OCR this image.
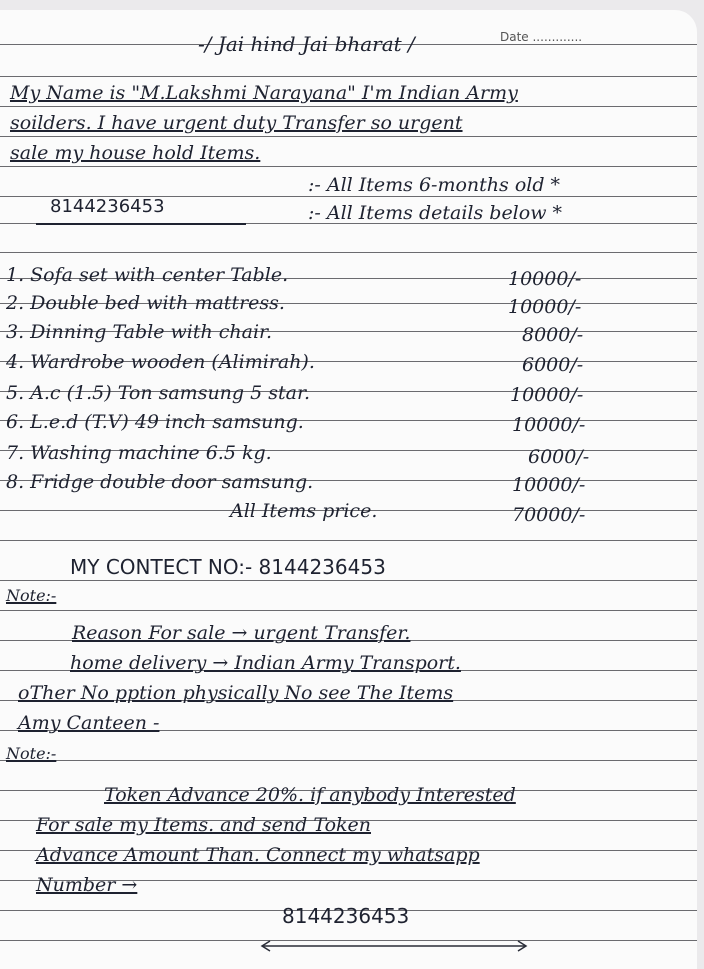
-/ Jai hind Jai bharat /	Date .............
My Name is "M.Lakshmi Narayana" I'm Indian Army
soilders. I have urgent duty Transfer so urgent
sale my house hold Items.
8144236453
:- All Items 6-months old *
:- All Items details below *
1. Sofa set with center Table.	10000/-
2. Double bed with mattress.	10000/-
3. Dinning Table with chair.	8000/-
4. Wardrobe wooden (Alimirah).	6000/-
5. A.c (1.5) Ton samsung 5 star.	10000/-
6. L.e.d (T.V) 49 inch samsung.	10000/-
7. Washing machine 6.5 kg.	6000/-
8. Fridge double door samsung.	10000/-
All Items price.	70000/-
MY CONTECT NO:- 8144236453
Note:-
Reason For sale → urgent Transfer.
home delivery → Indian Army Transport.
oTher No pption physically No see The Items
Amy Canteen -
Note:-
Token Advance 20%. if anybody Interested
For sale my Items. and send Token
Advance Amount Than. Connect my whatsapp
Number →
8144236453
